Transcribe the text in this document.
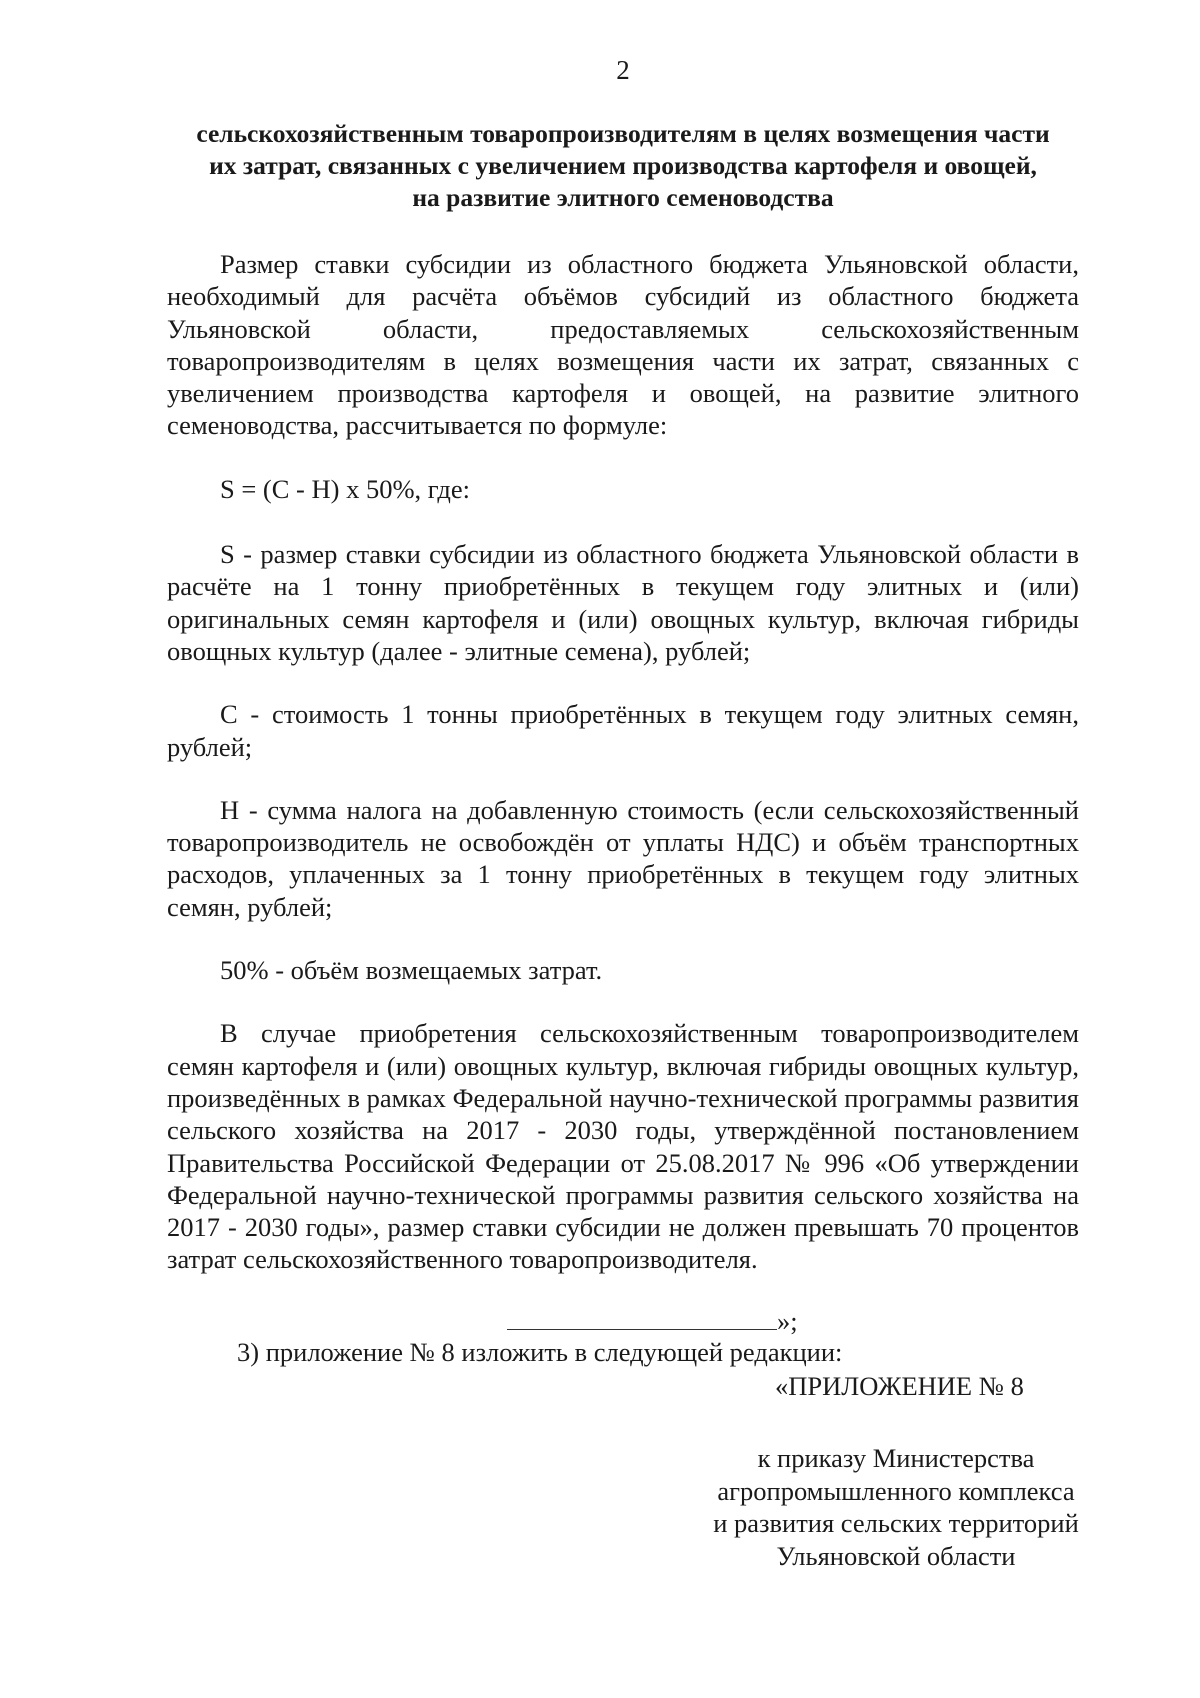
2
сельскохозяйственным товаропроизводителям в целях возмещения части
их затрат, связанных с увеличением производства картофеля и овощей,
на развитие элитного семеноводства

Размер ставки субсидии из областного бюджета Ульяновской области, необходимый для расчёта объёмов субсидий из областного бюджета Ульяновской области, предоставляемых сельскохозяйственным товаропроизводителям в целях возмещения части их затрат, связанных с увеличением производства картофеля и овощей, на развитие элитного семеноводства, рассчитывается по формуле:

S = (С - Н) х 50%, где:

S - размер ставки субсидии из областного бюджета Ульяновской области в расчёте на 1 тонну приобретённых в текущем году элитных и (или) оригинальных семян картофеля и (или) овощных культур, включая гибриды овощных культур (далее - элитные семена), рублей;

С - стоимость 1 тонны приобретённых в текущем году элитных семян, рублей;

Н - сумма налога на добавленную стоимость (если сельскохозяйственный товаропроизводитель не освобождён от уплаты НДС) и объём транспортных расходов, уплаченных за 1 тонну приобретённых в текущем году элитных семян, рублей;

50% - объём возмещаемых затрат.

В случае приобретения сельскохозяйственным товаропроизводителем семян картофеля и (или) овощных культур, включая гибриды овощных культур, произведённых в рамках Федеральной научно-технической программы развития сельского хозяйства на 2017 - 2030 годы, утверждённой постановлением Правительства Российской Федерации от 25.08.2017 № 996 «Об утверждении Федеральной научно-технической программы развития сельского хозяйства на 2017 - 2030 годы», размер ставки субсидии не должен превышать 70 процентов затрат сельскохозяйственного товаропроизводителя.

»;
3) приложение № 8 изложить в следующей редакции:
«ПРИЛОЖЕНИЕ № 8
к приказу Министерства
агропромышленного комплекса
и развития сельских территорий
Ульяновской области
